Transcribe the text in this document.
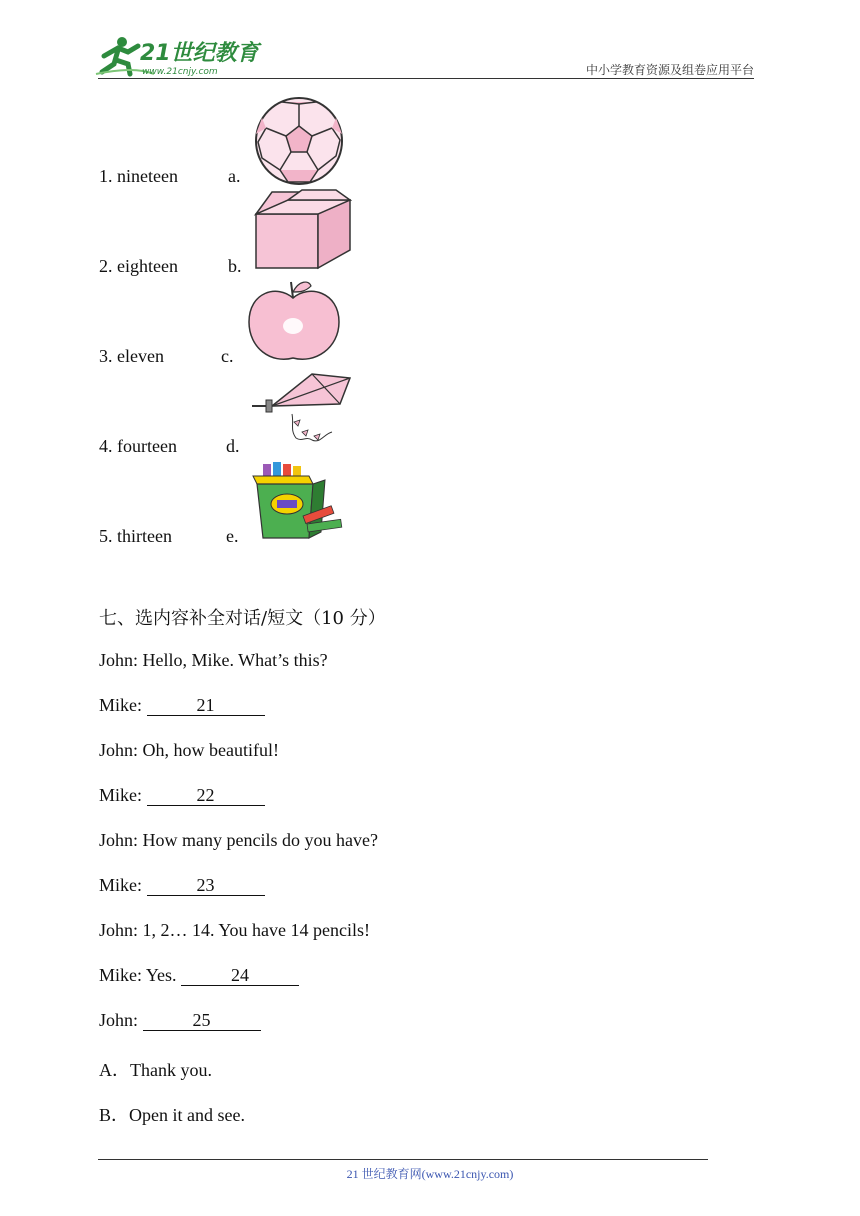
21世纪教育
www.21cnjy.com	中小学教育资源及组卷应用平台
1. nineteen	a.
2. eighteen	b.
3. eleven	c.
4. fourteen	d.
5. thirteen	e.
七、选内容补全对话/短文（10 分）
John: Hello, Mike. What’s this?
Mike:	21
John: Oh, how beautiful!
Mike:	22
John: How many pencils do you have?
Mike:	23
John: 1, 2… 14. You have 14 pencils!
Mike: Yes.	24
John:	25
A．Thank you.
B．Open it and see.
21 世纪教育网(www.21cnjy.com)
